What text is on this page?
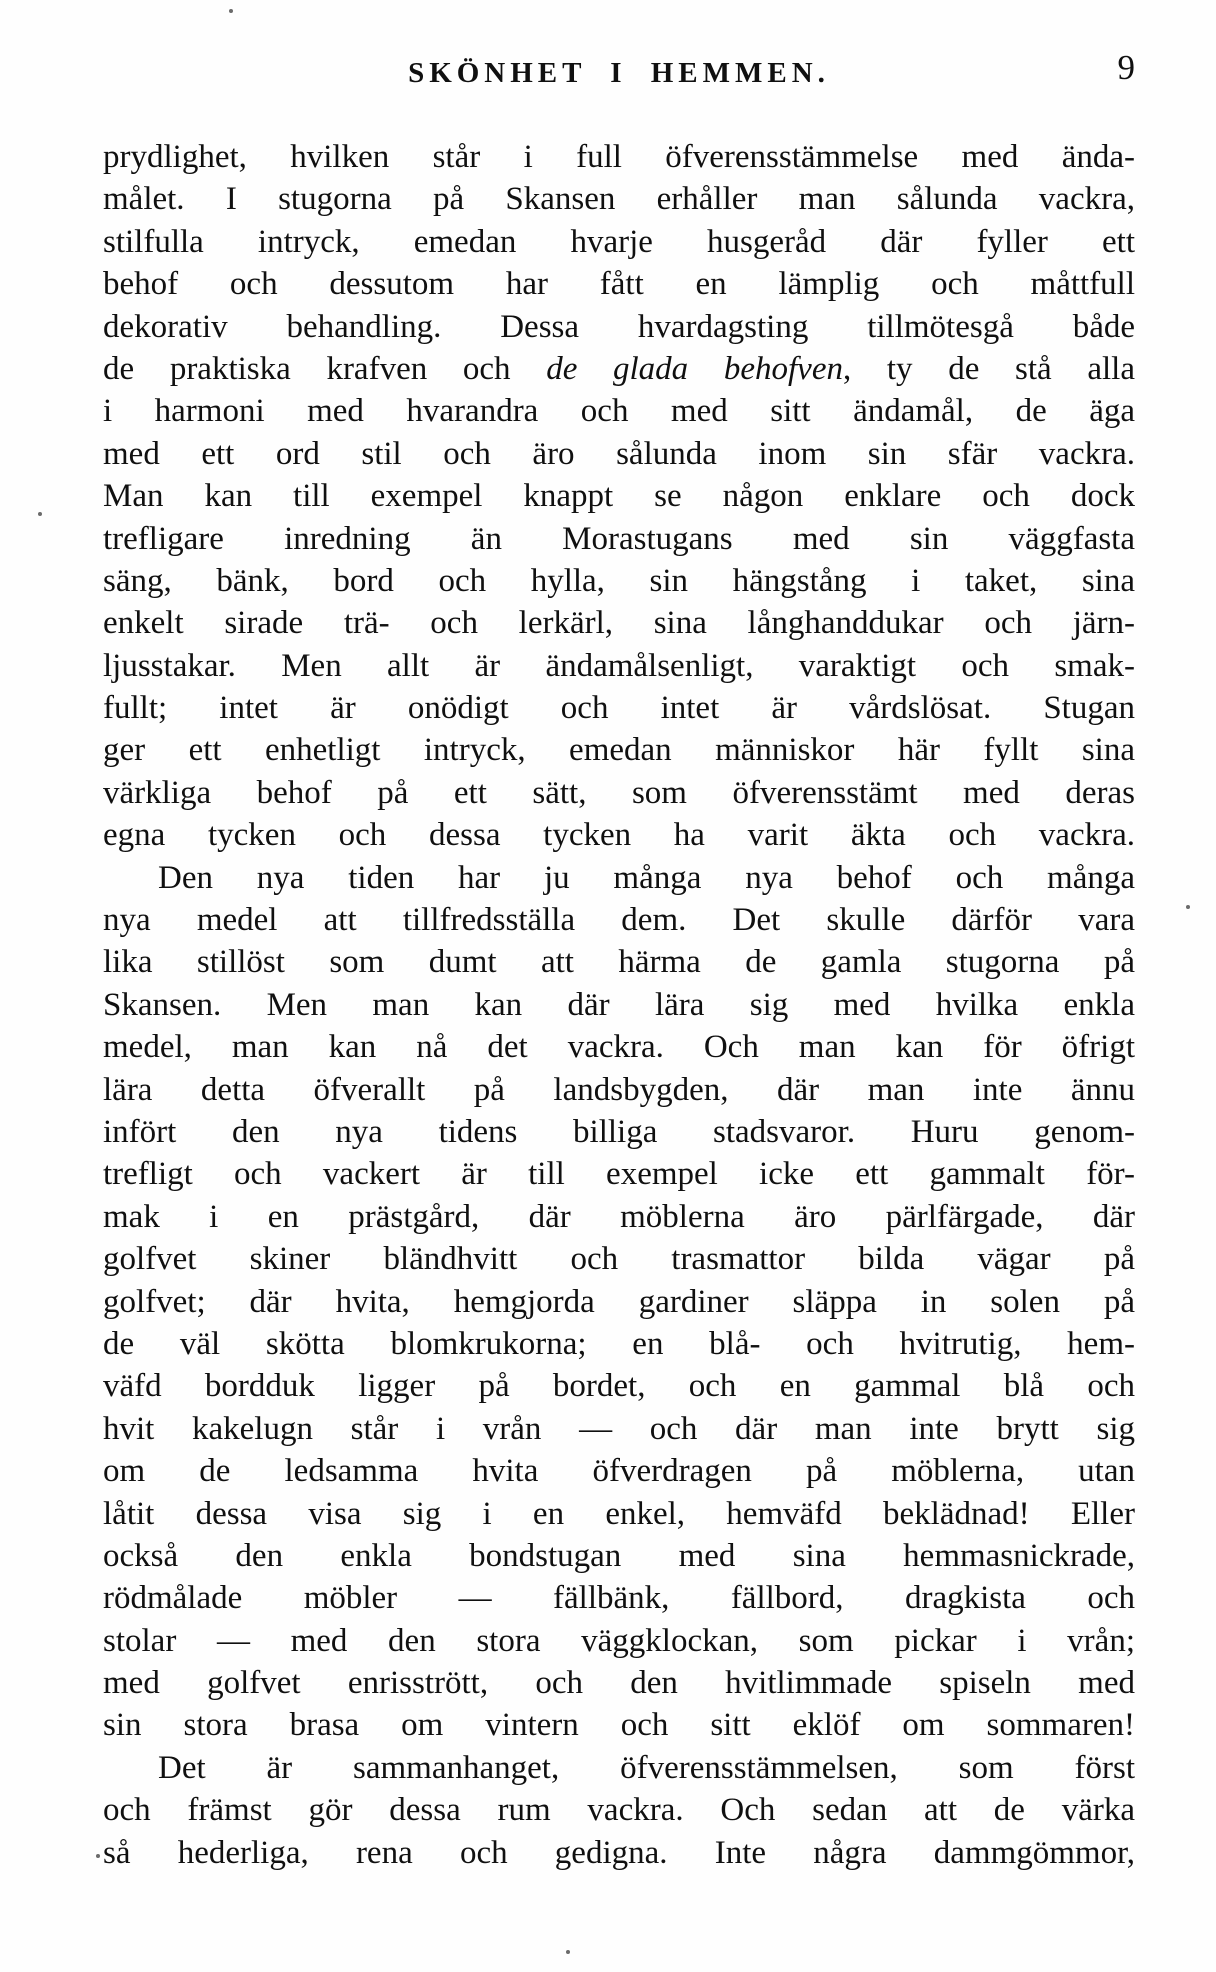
SKÖNHET I HEMMEN.	9
prydlighet, hvilken står i full öfverensstämmelse med ända-
målet. I stugorna på Skansen erhåller man sålunda vackra,
stilfulla intryck, emedan hvarje husgeråd där fyller ett
behof och dessutom har fått en lämplig och måttfull
dekorativ behandling. Dessa hvardagsting tillmötesgå både
de praktiska krafven och de glada behofven, ty de stå alla
i harmoni med hvarandra och med sitt ändamål, de äga
med ett ord stil och äro sålunda inom sin sfär vackra.
Man kan till exempel knappt se någon enklare och dock
trefligare inredning än Morastugans med sin väggfasta
säng, bänk, bord och hylla, sin hängstång i taket, sina
enkelt sirade trä- och lerkärl, sina långhanddukar och järn-
ljusstakar. Men allt är ändamålsenligt, varaktigt och smak-
fullt; intet är onödigt och intet är vårdslösat. Stugan
ger ett enhetligt intryck, emedan människor här fyllt sina
värkliga behof på ett sätt, som öfverensstämt med deras
egna tycken och dessa tycken ha varit äkta och vackra.
Den nya tiden har ju många nya behof och många
nya medel att tillfredsställa dem. Det skulle därför vara
lika stillöst som dumt att härma de gamla stugorna på
Skansen. Men man kan där lära sig med hvilka enkla
medel, man kan nå det vackra. Och man kan för öfrigt
lära detta öfverallt på landsbygden, där man inte ännu
infört den nya tidens billiga stadsvaror. Huru genom-
trefligt och vackert är till exempel icke ett gammalt för-
mak i en prästgård, där möblerna äro pärlfärgade, där
golfvet skiner bländhvitt och trasmattor bilda vägar på
golfvet; där hvita, hemgjorda gardiner släppa in solen på
de väl skötta blomkrukorna; en blå- och hvitrutig, hem-
väfd bordduk ligger på bordet, och en gammal blå och
hvit kakelugn står i vrån — och där man inte brytt sig
om de ledsamma hvita öfverdragen på möblerna, utan
låtit dessa visa sig i en enkel, hemväfd beklädnad! Eller
också den enkla bondstugan med sina hemmasnickrade,
rödmålade möbler — fällbänk, fällbord, dragkista och
stolar — med den stora väggklockan, som pickar i vrån;
med golfvet enrisstrött, och den hvitlimmade spiseln med
sin stora brasa om vintern och sitt eklöf om sommaren!
Det är sammanhanget, öfverensstämmelsen, som först
och främst gör dessa rum vackra. Och sedan att de värka
så hederliga, rena och gedigna. Inte några dammgömmor,
